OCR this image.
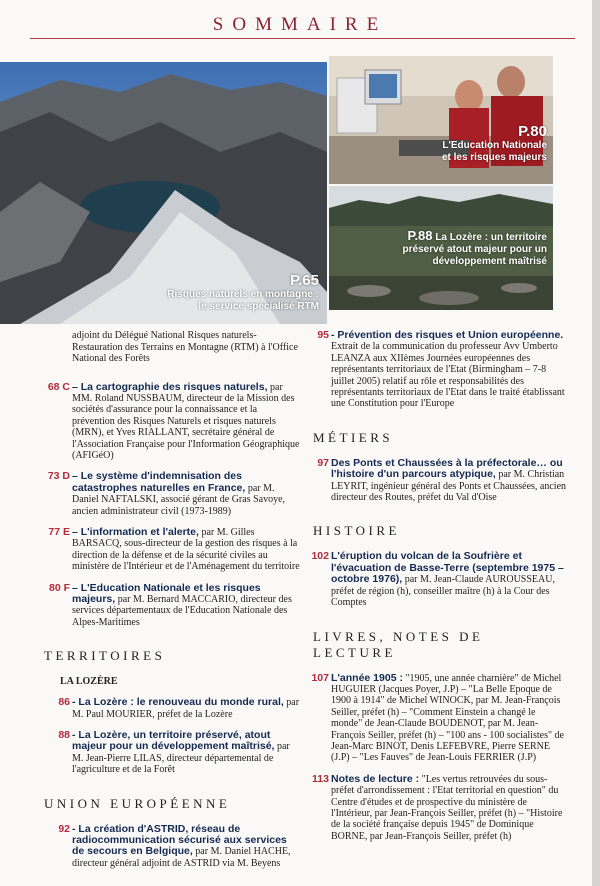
SOMMAIRE
P.65
Risques naturels en montagne : le service spécialisé RTM
P.80
L'Education Nationale et les risques majeurs
P.88 La Lozère : un territoire préservé atout majeur pour un développement maîtrisé
adjoint du Délégué National Risques naturels-Restauration des Terrains en Montagne (RTM) à l'Office National des Forêts
68 C – La cartographie des risques naturels, par MM. Roland NUSSBAUM, directeur de la Mission des sociétés d'assurance pour la connaissance et la prévention des Risques Naturels et risques naturels (MRN), et Yves RIALLANT, secrétaire général de l'Association Française pour l'Information Géographique (AFIGéO)
73 D – Le système d'indemnisation des catastrophes naturelles en France, par M. Daniel NAFTALSKI, associé gérant de Gras Savoye, ancien administrateur civil (1973-1989)
77 E – L'information et l'alerte, par M. Gilles BARSACQ, sous-directeur de la gestion des risques à la direction de la défense et de la sécurité civiles au ministère de l'Intérieur et de l'Aménagement du territoire
80 F – L'Education Nationale et les risques majeurs, par M. Bernard MACCARIO, directeur des services départementaux de l'Education Nationale des Alpes-Maritimes
TERRITOIRES
LA LOZÈRE
86 - La Lozère : le renouveau du monde rural, par M. Paul MOURIER, préfet de la Lozère
88 - La Lozère, un territoire préservé, atout majeur pour un développement maîtrisé, par M. Jean-Pierre LILAS, directeur départemental de l'agriculture et de la Forêt
UNION EUROPÉENNE
92 - La création d'ASTRID, réseau de radiocommunication sécurisé aux services de secours en Belgique, par M. Daniel HACHE, directeur général adjoint de ASTRID via M. Beyens
95 - Prévention des risques et Union européenne. Extrait de la communication du professeur Avv Umberto LEANZA aux XIIèmes Journées européennes des représentants territoriaux de l'Etat (Birmingham – 7-8 juillet 2005) relatif au rôle et responsabilités des représentants territoriaux de l'Etat dans le traité établissant une Constitution pour l'Europe
MÉTIERS
97 Des Ponts et Chaussées à la préfectorale… ou l'histoire d'un parcours atypique, par M. Christian LEYRIT, ingénieur général des Ponts et Chaussées, ancien directeur des Routes, préfet du Val d'Oise
HISTOIRE
102 L'éruption du volcan de la Soufrière et l'évacuation de Basse-Terre (septembre 1975 – octobre 1976), par M. Jean-Claude AUROUSSEAU, préfet de région (h), conseiller maître (h) à la Cour des Comptes
LIVRES, NOTES DE LECTURE
107 L'année 1905 : "1905, une année charnière" de Michel HUGUIER (Jacques Poyer, J.P) – "La Belle Epoque de 1900 à 1914" de Michel WINOCK, par M. Jean-François Seiller, préfet (h) – "Comment Einstein a changé le monde" de Jean-Claude BOUDENOT, par M. Jean-François Seiller, préfet (h) – "100 ans - 100 socialistes" de Jean-Marc BINOT, Denis LEFEBVRE, Pierre SERNE (J.P) – "Les Fauves" de Jean-Louis FERRIER (J.P)
113 Notes de lecture : "Les vertus retrouvées du sous-préfet d'arrondissement : l'Etat territorial en question" du Centre d'études et de prospective du ministère de l'Intérieur, par Jean-François Seiller, préfet (h) – "Histoire de la société française depuis 1945" de Dominique BORNE, par Jean-François Seiller, préfet (h)
